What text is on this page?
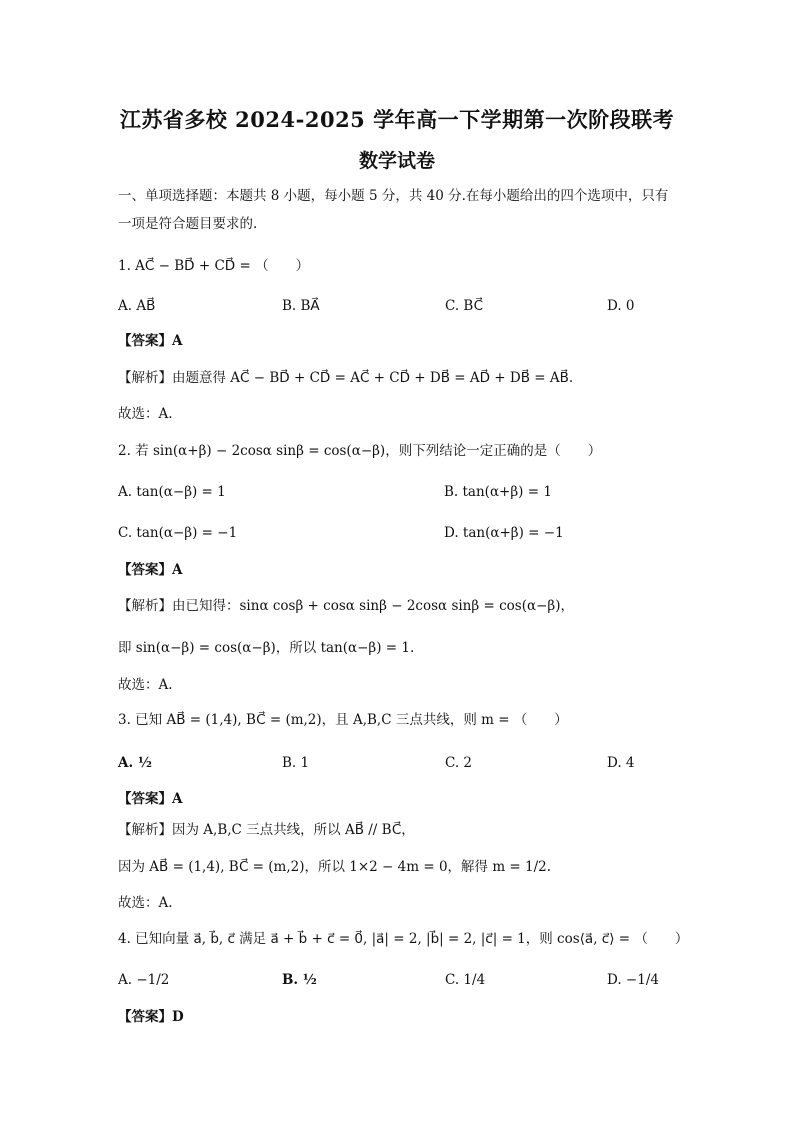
江苏省多校 2024-2025 学年高一下学期第一次阶段联考
数学试卷
一、单项选择题：本题共 8 小题，每小题 5 分，共 40 分.在每小题给出的四个选项中，只有
一项是符合题目要求的.
1. AC⃗ − BD⃗ + CD⃗ = （　　）
A. AB⃗	B. BA⃗	C. BC⃗	D. 0
【答案】A
【解析】由题意得 AC⃗ − BD⃗ + CD⃗ = AC⃗ + CD⃗ + DB⃗ = AD⃗ + DB⃗ = AB⃗.
故选：A.
2. 若 sin(α+β) − 2cosα sinβ = cos(α−β)，则下列结论一定正确的是（　　）
A. tan(α−β) = 1	B. tan(α+β) = 1
C. tan(α−β) = −1	D. tan(α+β) = −1
【答案】A
【解析】由已知得：sinα cosβ + cosα sinβ − 2cosα sinβ = cos(α−β)，
即 sin(α−β) = cos(α−β)，所以 tan(α−β) = 1.
故选：A.
3. 已知 AB⃗ = (1,4), BC⃗ = (m,2)，且 A,B,C 三点共线，则 m = （　　）
A. ½	B. 1	C. 2	D. 4
【答案】A
【解析】因为 A,B,C 三点共线，所以 AB⃗ // BC⃗，
因为 AB⃗ = (1,4), BC⃗ = (m,2)，所以 1×2 − 4m = 0，解得 m = 1/2.
故选：A.
4. 已知向量 a⃗, b⃗, c⃗ 满足 a⃗ + b⃗ + c⃗ = 0⃗, |a⃗| = 2, |b⃗| = 2, |c⃗| = 1，则 cos⟨a⃗, c⃗⟩ = （　　）
A. −1/2	B. ½	C. 1/4	D. −1/4
【答案】D
